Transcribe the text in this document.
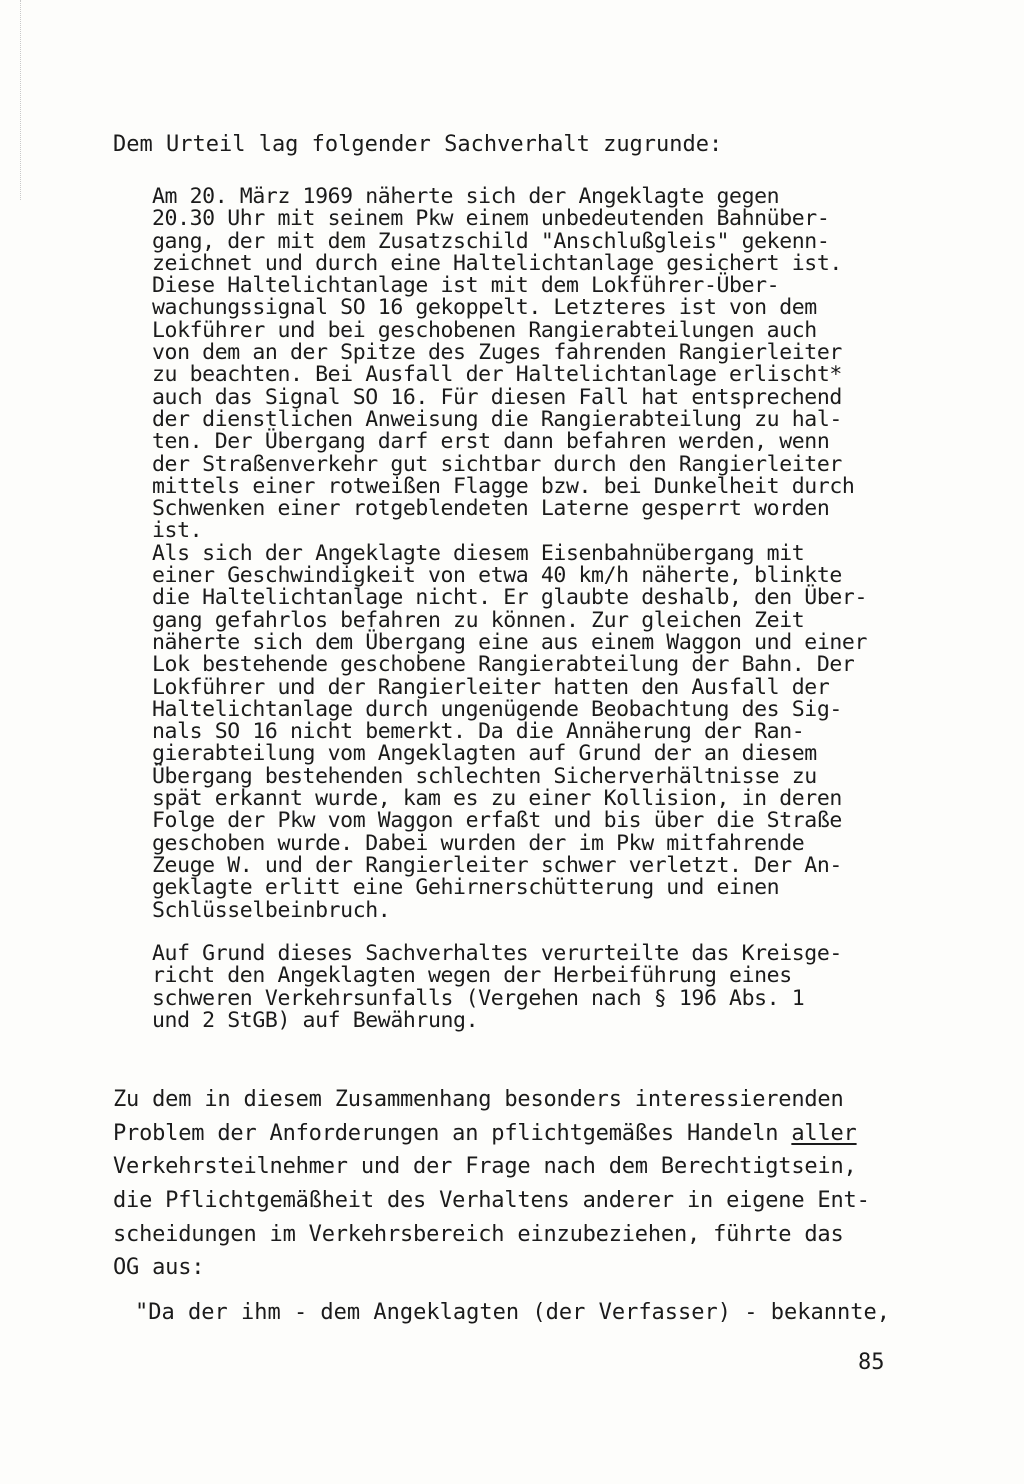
Dem Urteil lag folgender Sachverhalt zugrunde:
Am 20. März 1969 näherte sich der Angeklagte gegen
20.30 Uhr mit seinem Pkw einem unbedeutenden Bahnüber-
gang, der mit dem Zusatzschild "Anschlußgleis" gekenn-
zeichnet und durch eine Haltelichtanlage gesichert ist.
Diese Haltelichtanlage ist mit dem Lokführer-Über-
wachungssignal SO 16 gekoppelt. Letzteres ist von dem
Lokführer und bei geschobenen Rangierabteilungen auch
von dem an der Spitze des Zuges fahrenden Rangierleiter
zu beachten. Bei Ausfall der Haltelichtanlage erlischt*
auch das Signal SO 16. Für diesen Fall hat entsprechend
der dienstlichen Anweisung die Rangierabteilung zu hal-
ten. Der Übergang darf erst dann befahren werden, wenn
der Straßenverkehr gut sichtbar durch den Rangierleiter
mittels einer rotweißen Flagge bzw. bei Dunkelheit durch
Schwenken einer rotgeblendeten Laterne gesperrt worden
ist.
Als sich der Angeklagte diesem Eisenbahnübergang mit
einer Geschwindigkeit von etwa 40 km/h näherte, blinkte
die Haltelichtanlage nicht. Er glaubte deshalb, den Über-
gang gefahrlos befahren zu können. Zur gleichen Zeit
näherte sich dem Übergang eine aus einem Waggon und einer
Lok bestehende geschobene Rangierabteilung der Bahn. Der
Lokführer und der Rangierleiter hatten den Ausfall der
Haltelichtanlage durch ungenügende Beobachtung des Sig-
nals SO 16 nicht bemerkt. Da die Annäherung der Ran-
gierabteilung vom Angeklagten auf Grund der an diesem
Übergang bestehenden schlechten Sicherverhältnisse zu
spät erkannt wurde, kam es zu einer Kollision, in deren
Folge der Pkw vom Waggon erfaßt und bis über die Straße
geschoben wurde. Dabei wurden der im Pkw mitfahrende
Zeuge W. und der Rangierleiter schwer verletzt. Der An-
geklagte erlitt eine Gehirnerschütterung und einen
Schlüsselbeinbruch.
Auf Grund dieses Sachverhaltes verurteilte das Kreisge-
richt den Angeklagten wegen der Herbeiführung eines
schweren Verkehrsunfalls (Vergehen nach § 196 Abs. 1
und 2 StGB) auf Bewährung.
Zu dem in diesem Zusammenhang besonders interessierenden
Problem der Anforderungen an pflichtgemäßes Handeln aller
Verkehrsteilnehmer und der Frage nach dem Berechtigtsein,
die Pflichtgemäßheit des Verhaltens anderer in eigene Ent-
scheidungen im Verkehrsbereich einzubeziehen, führte das
OG aus:
"Da der ihm - dem Angeklagten (der Verfasser) - bekannte,
85
